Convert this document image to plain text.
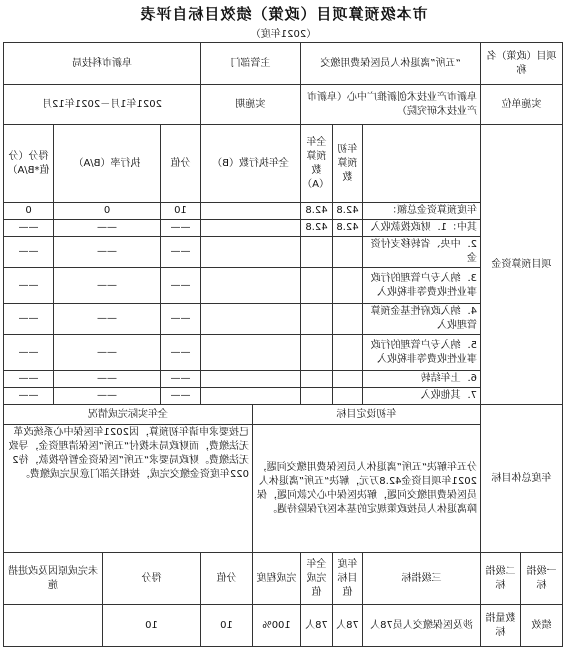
市本级预算项目（政策）绩效目标自评表
（2021年度）
项目（政策）名称		“五所”离退休人员医保费用缴交			主管部门		阜新市科技局			
实施单位		阜新市产业技术创新推广中心（阜新市产业技术研究院）			实施期		2021年1月－2021年12月			
项目预算资金			年初预算数	全年预算数（A）	全年执行数（B）		分值	执行率（B/A）		得分（分值*B/A）
		年度预算资金总额：	42.8	42.8			10	0		0
		其中：1．财政拨款收入	42.8	42.8			——	——		——
		2．中央、省转移支付资金					——	——		——
		3．纳入专户管理的行政事业性收费等非税收入					——	——		——
		4．纳入政府性基金预算管理收入					——	——		——
		5．纳入专户管理的行政事业性收费等非税收入					——	——		——
		6．上年结转					——	——		——
		7．其他收入					——	——		——
年度总体目标		年初设定目标				全年实际完成情况				
		分五年解决“五所”离退休人员医保费用缴交问题，2021年项目资金42.8万元，解决“五所”离退休人员医保费用缴交问题，解决医保中心欠款问题，保障离退休人员按政策规定的基本医疗保险待遇。				已按要求申请年初预算，因2021年医保中心系统改革无法缴费，而财政局未拨付“五所”医保清理资金，导致无法缴费。财政局要求“五所”医保资金暂停拨款，待2022年度资金缴交完成，按相关部门意见完成缴费。				
一级指标	二级指标	三级指标	年度目标值	全年完成值	完成程度	分值	得分		未完成原因及改进措施	
绩效	数量指标	涉及医保缴交人员78人	78人	78人	100%	10	10			
